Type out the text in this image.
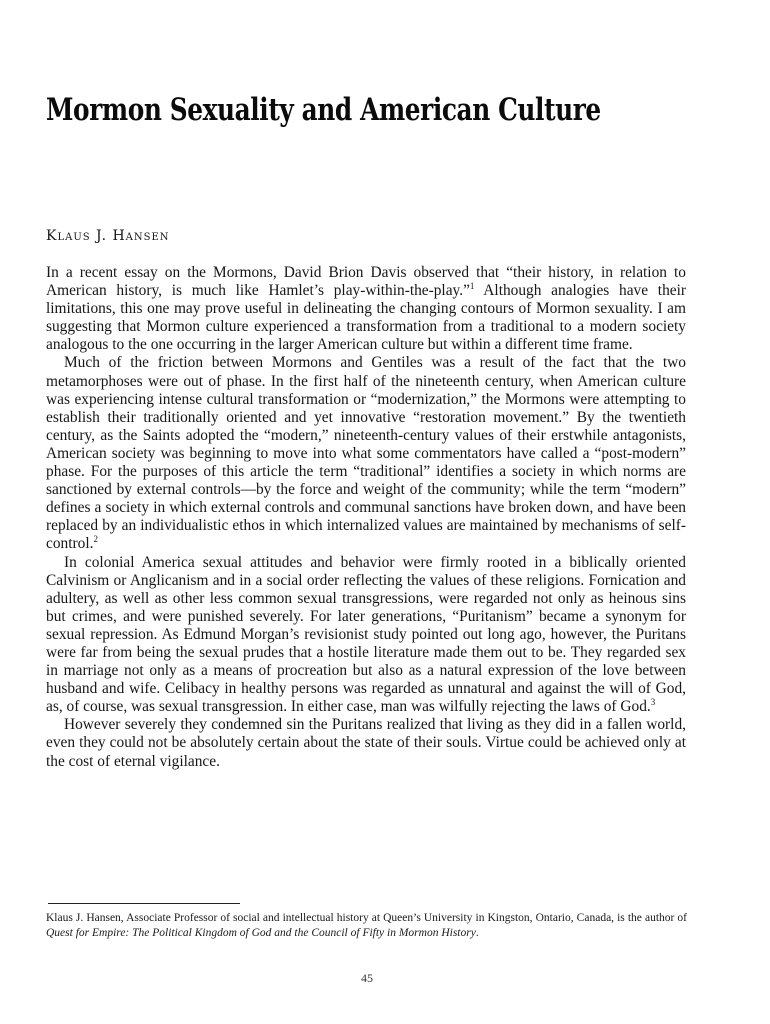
Mormon Sexuality and American Culture
Klaus J. Hansen

In a recent essay on the Mormons, David Brion Davis observed that “their history, in relation to American history, is much like Hamlet’s play-within-the-play.”$^1$ Although analogies have their limitations, this one may prove useful in delineating the changing contours of Mormon sexuality. I am suggesting that Mormon culture experienced a transformation from a traditional to a modern society analogous to the one occurring in the larger American culture but within a different time frame.

Much of the friction between Mormons and Gentiles was a result of the fact that the two metamorphoses were out of phase. In the first half of the nineteenth century, when American culture was experiencing intense cultural transformation or “modernization,” the Mormons were attempting to establish their traditionally oriented and yet innovative “restoration movement.” By the twentieth century, as the Saints adopted the “modern,” nineteenth-century values of their erstwhile antagonists, American society was beginning to move into what some commentators have called a “post-modern” phase. For the purposes of this article the term “traditional” identifies a society in which norms are sanctioned by external controls—by the force and weight of the community; while the term “modern” defines a society in which external controls and communal sanctions have broken down, and have been replaced by an individualistic ethos in which internalized values are maintained by mechanisms of self-control.$^2$

In colonial America sexual attitudes and behavior were firmly rooted in a biblically oriented Calvinism or Anglicanism and in a social order reflecting the values of these religions. Fornication and adultery, as well as other less common sexual transgressions, were regarded not only as heinous sins but crimes, and were punished severely. For later generations, “Puritanism” became a synonym for sexual repression. As Edmund Morgan’s revisionist study pointed out long ago, however, the Puritans were far from being the sexual prudes that a hostile literature made them out to be. They regarded sex in marriage not only as a means of procreation but also as a natural expression of the love between husband and wife. Celibacy in healthy persons was regarded as unnatural and against the will of God, as, of course, was sexual transgression. In either case, man was wilfully rejecting the laws of God.$^3$

However severely they condemned sin the Puritans realized that living as they did in a fallen world, even they could not be absolutely certain about the state of their souls. Virtue could be achieved only at the cost of eternal vigilance.

Klaus J. Hansen, Associate Professor of social and intellectual history at Queen’s University in Kingston, Ontario, Canada, is the author of Quest for Empire: The Political Kingdom of God and the Council of Fifty in Mormon History.
45
